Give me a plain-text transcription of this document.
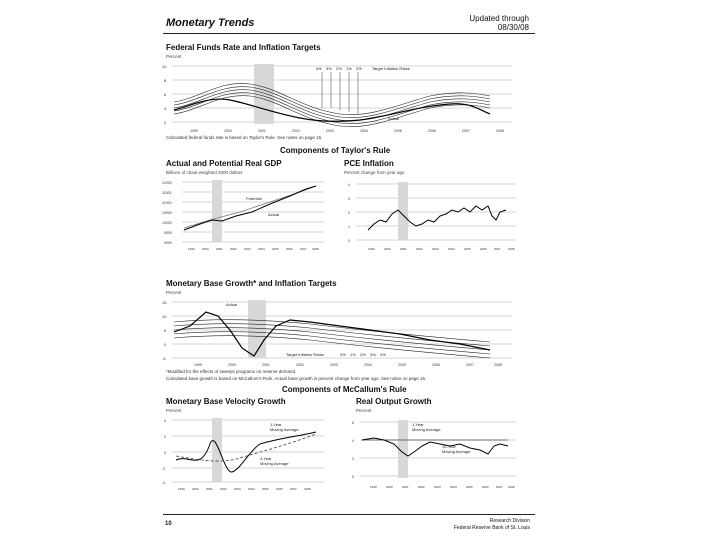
Monetary Trends	Updated through
08/30/08
Federal Funds Rate and Inflation Targets
Percent
10
8
6
4
2
4% 3% 2% 1% 0%	Target Inflation Rates
Actual
1999	2000	2001	2002	2003	2004	2005	2006	2007	2008
Calculated federal funds rate is based on Taylor's Rule. See notes on page 15.
Components of Taylor's Rule
Actual and Potential Real GDP
Billions of chain-weighted 2000 dollars
12000
11500
11000
10500
10000
9500
9000
Potential
Actual
1999 2000 2001 2002 2003 2004 2005 2006 2007 2008
PCE Inflation
Percent change from year ago
4
3
2
1
0
1999	2000	2001	2002	2003	2004	2005	2006 2007 2008
Monetary Base Growth* and Inflation Targets
Percent
15
10
5
0
-5
Actual
Target Inflation Rates	0% 1% 2% 3% 4%
1999	2000	2001	2002	2003	2004	2005	2006	2007	2008
*Modified for the effects of sweeps programs on reserve demand.
Calculated base growth is based on McCallum's Rule. Actual base growth is percent change from year ago. See notes on page 15.
Components of McCallum's Rule
Monetary Base Velocity Growth
Percent
4
2
0
-2
-4
1-Year Moving Average
4-Year Moving Average
1999 2000 2001 2002 2003 2004 2005 2006 2007 2008
Real Output Growth
Percent
6
4
2
0
1-Year Moving Average
10-Year Moving Average
1999	2000	2001	2002	2003	2004	2005	2006 2007 2008
10	Research Division
Federal Reserve Bank of St. Louis
